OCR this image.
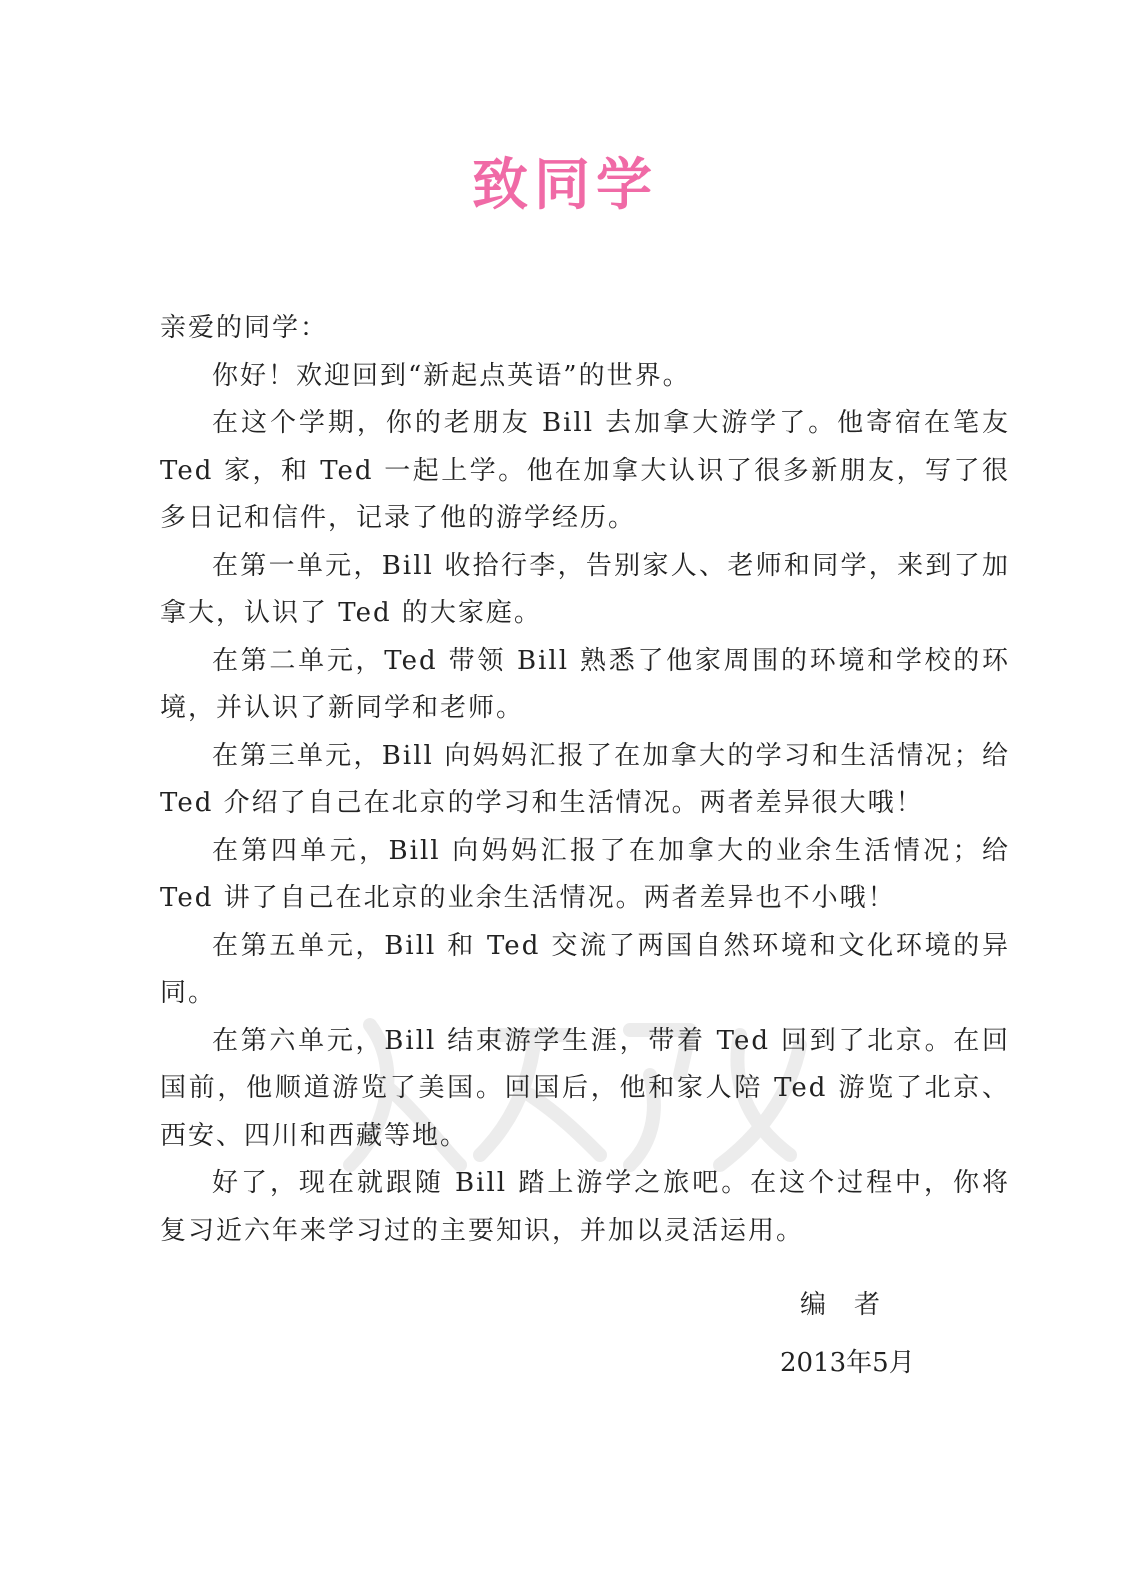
致同学

亲爱的同学：

你好！欢迎回到“新起点英语”的世界。

在这个学期，你的老朋友 Bill 去加拿大游学了。他寄宿在笔友 Ted 家，和 Ted 一起上学。他在加拿大认识了很多新朋友，写了很多日记和信件，记录了他的游学经历。

在第一单元，Bill 收拾行李，告别家人、老师和同学，来到了加拿大，认识了 Ted 的大家庭。

在第二单元，Ted 带领 Bill 熟悉了他家周围的环境和学校的环境，并认识了新同学和老师。

在第三单元，Bill 向妈妈汇报了在加拿大的学习和生活情况；给 Ted 介绍了自己在北京的学习和生活情况。两者差异很大哦！

在第四单元，Bill 向妈妈汇报了在加拿大的业余生活情况；给 Ted 讲了自己在北京的业余生活情况。两者差异也不小哦！

在第五单元，Bill 和 Ted 交流了两国自然环境和文化环境的异同。

在第六单元，Bill 结束游学生涯，带着 Ted 回到了北京。在回国前，他顺道游览了美国。回国后，他和家人陪 Ted 游览了北京、西安、四川和西藏等地。

好了，现在就跟随 Bill 踏上游学之旅吧。在这个过程中，你将复习近六年来学习过的主要知识，并加以灵活运用。

编者
2013年5月
